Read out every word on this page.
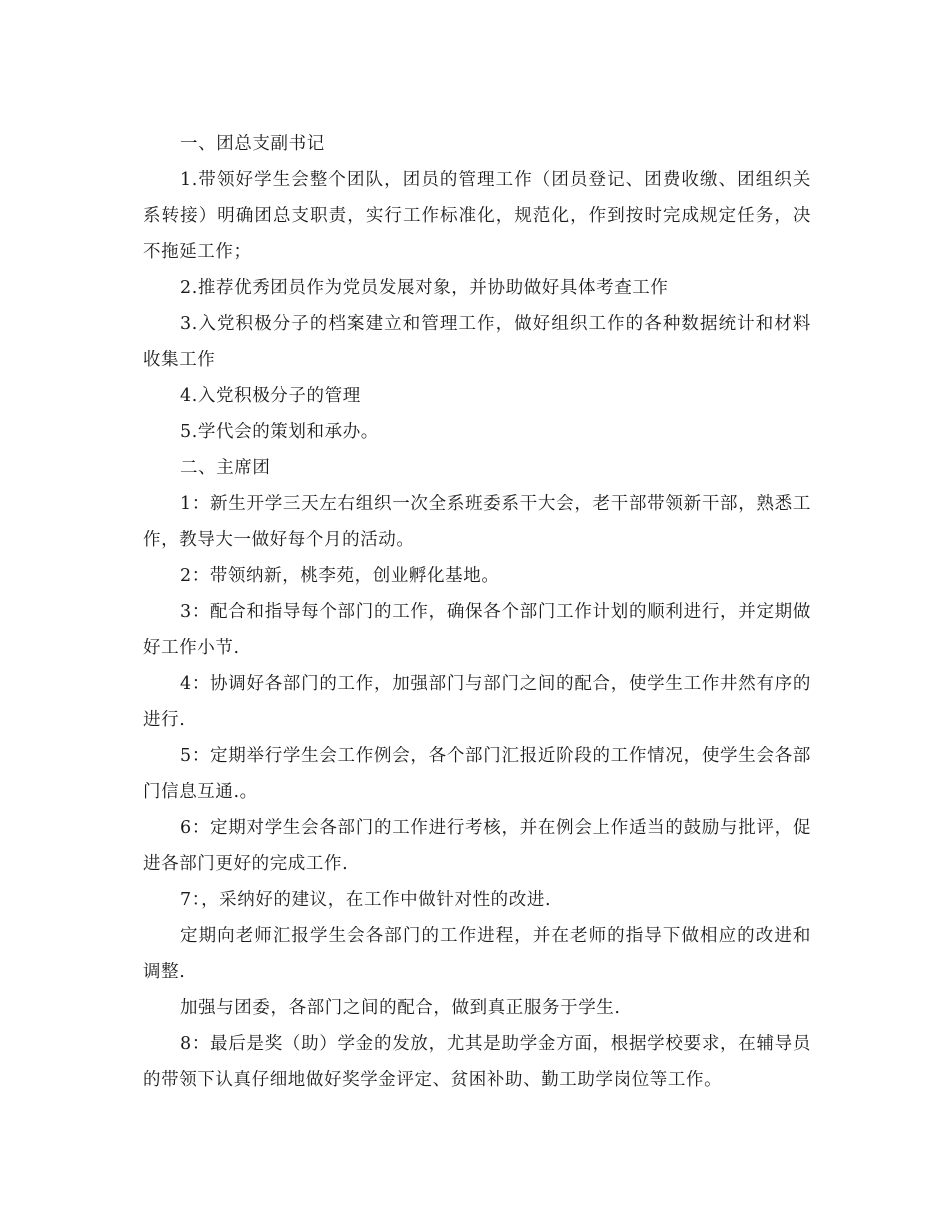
一、团总支副书记

1.带领好学生会整个团队，团员的管理工作（团员登记、团费收缴、团组织关系转接）明确团总支职责，实行工作标准化，规范化，作到按时完成规定任务，决不拖延工作；

2.推荐优秀团员作为党员发展对象，并协助做好具体考查工作

3.入党积极分子的档案建立和管理工作，做好组织工作的各种数据统计和材料收集工作

4.入党积极分子的管理

5.学代会的策划和承办。

二、主席团

1：新生开学三天左右组织一次全系班委系干大会，老干部带领新干部，熟悉工作，教导大一做好每个月的活动。

2：带领纳新，桃李苑，创业孵化基地。

3：配合和指导每个部门的工作，确保各个部门工作计划的顺利进行，并定期做好工作小节.

4：协调好各部门的工作，加强部门与部门之间的配合，使学生工作井然有序的进行.

5：定期举行学生会工作例会，各个部门汇报近阶段的工作情况，使学生会各部门信息互通.。

6：定期对学生会各部门的工作进行考核，并在例会上作适当的鼓励与批评，促进各部门更好的完成工作.

7：，采纳好的建议，在工作中做针对性的改进.

定期向老师汇报学生会各部门的工作进程，并在老师的指导下做相应的改进和调整.

加强与团委，各部门之间的配合，做到真正服务于学生.

8：最后是奖（助）学金的发放，尤其是助学金方面，根据学校要求，在辅导员的带领下认真仔细地做好奖学金评定、贫困补助、勤工助学岗位等工作。
